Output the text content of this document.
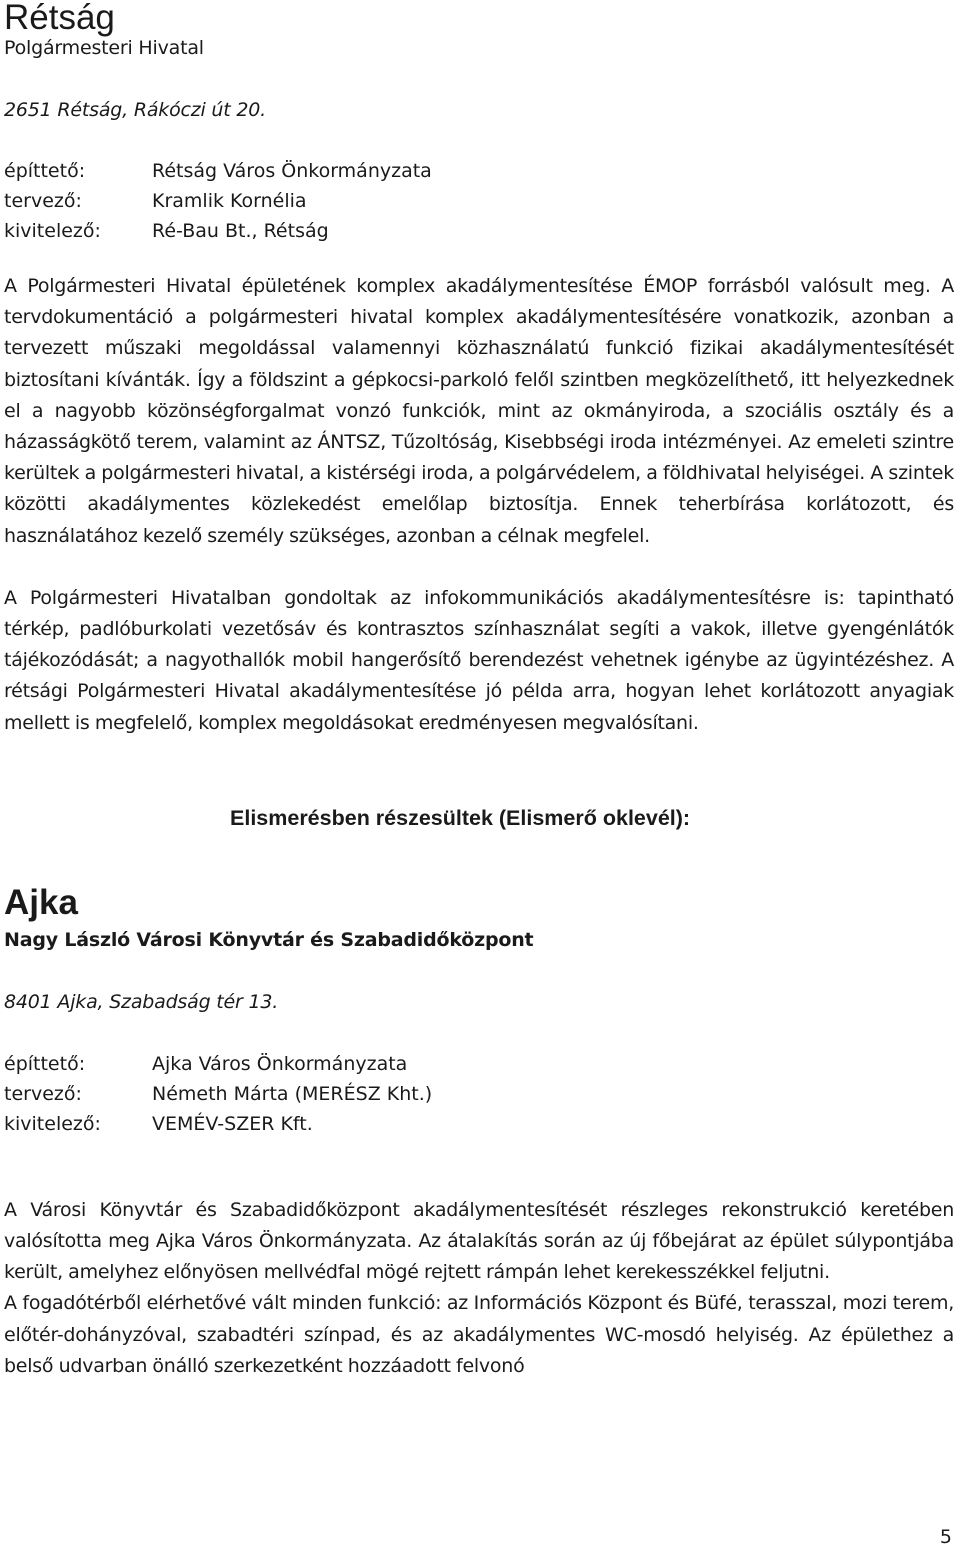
Rétság

Polgármesteri Hivatal

2651 Rétság, Rákóczi út 20.

építtető:	Rétság Város Önkormányzata
tervező:	Kramlik Kornélia
kivitelező:	Ré-Bau Bt., Rétság

A Polgármesteri Hivatal épületének komplex akadálymentesítése ÉMOP forrásból valósult meg. A tervdokumentáció a polgármesteri hivatal komplex akadálymentesítésére vonatkozik, azonban a tervezett műszaki megoldással valamennyi közhasználatú funkció fizikai akadálymentesítését biztosítani kívánták. Így a földszint a gépkocsi-parkoló felől szintben megközelíthető, itt helyezkednek el a nagyobb közönségforgalmat vonzó funkciók, mint az okmányiroda, a szociális osztály és a házasságkötő terem, valamint az ÁNTSZ, Tűzoltóság, Kisebbségi iroda intézményei. Az emeleti szintre kerültek a polgármesteri hivatal, a kistérségi iroda, a polgárvédelem, a földhivatal helyiségei. A szintek közötti akadálymentes közlekedést emelőlap biztosítja. Ennek teherbírása korlátozott, és használatához kezelő személy szükséges, azonban a célnak megfelel.

A Polgármesteri Hivatalban gondoltak az infokommunikációs akadálymentesítésre is: tapintható térkép, padlóburkolati vezetősáv és kontrasztos színhasználat segíti a vakok, illetve gyengénlátók tájékozódását; a nagyothallók mobil hangerősítő berendezést vehetnek igénybe az ügyintézéshez. A rétsági Polgármesteri Hivatal akadálymentesítése jó példa arra, hogyan lehet korlátozott anyagiak mellett is megfelelő, komplex megoldásokat eredményesen megvalósítani.

Elismerésben részesültek (Elismerő oklevél):

Ajka

Nagy László Városi Könyvtár és Szabadidőközpont

8401 Ajka, Szabadság tér 13.

építtető:	Ajka Város Önkormányzata
tervező:	Németh Márta (MERÉSZ Kht.)
kivitelező:	VEMÉV-SZER Kft.

A Városi Könyvtár és Szabadidőközpont akadálymentesítését részleges rekonstrukció keretében valósította meg Ajka Város Önkormányzata. Az átalakítás során az új főbejárat az épület súlypontjába került, amelyhez előnyösen mellvédfal mögé rejtett rámpán lehet kerekesszékkel feljutni.

A fogadótérből elérhetővé vált minden funkció: az Információs Központ és Büfé, terasszal, mozi terem, előtér-dohányzóval, szabadtéri színpad, és az akadálymentes WC-mosdó helyiség. Az épülethez a belső udvarban önálló szerkezetként hozzáadott felvonó

5
